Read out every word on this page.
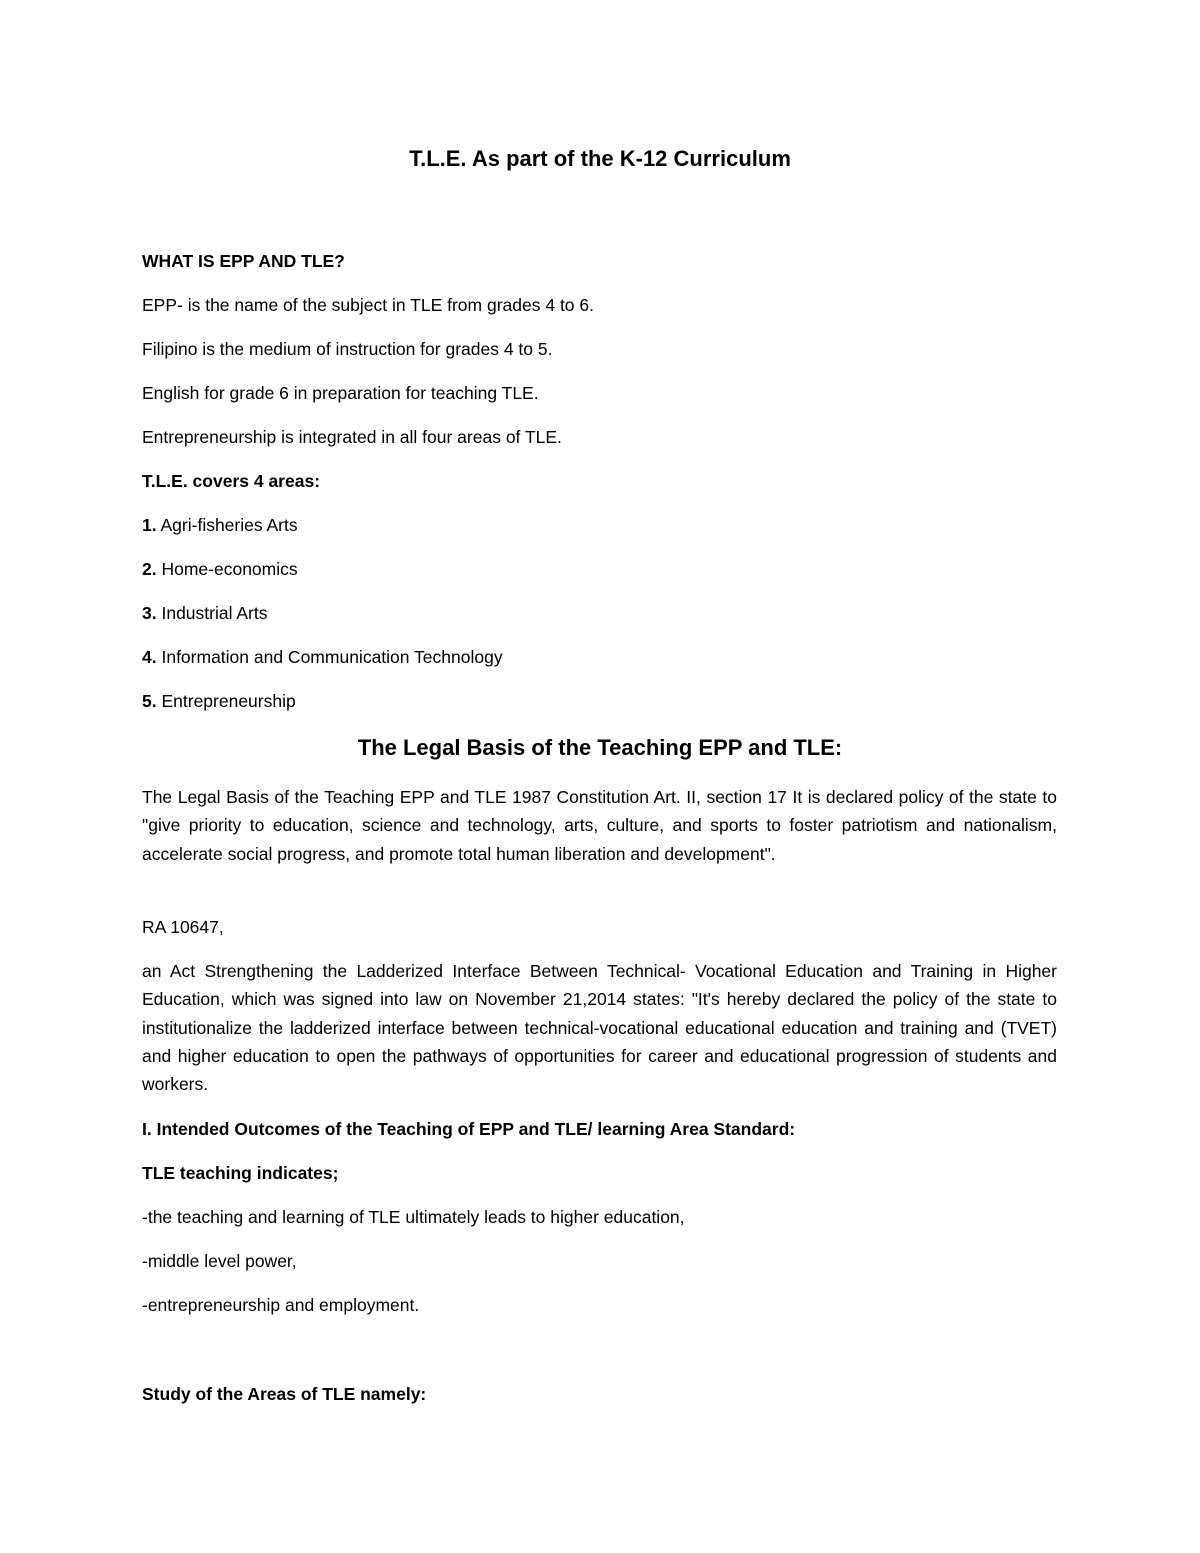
T.L.E. As part of the K-12 Curriculum

WHAT IS EPP AND TLE?

EPP- is the name of the subject in TLE from grades 4 to 6.

Filipino is the medium of instruction for grades 4 to 5.

English for grade 6 in preparation for teaching TLE.

Entrepreneurship is integrated in all four areas of TLE.

T.L.E. covers 4 areas:

1. Agri-fisheries Arts

2. Home-economics

3. Industrial Arts

4. Information and Communication Technology

5. Entrepreneurship

The Legal Basis of the Teaching EPP and TLE:

The Legal Basis of the Teaching EPP and TLE 1987 Constitution Art. II, section 17 It is declared policy of the state to "give priority to education, science and technology, arts, culture, and sports to foster patriotism and nationalism, accelerate social progress, and promote total human liberation and development".

RA 10647,

an Act Strengthening the Ladderized Interface Between Technical- Vocational Education and Training in Higher Education, which was signed into law on November 21,2014 states: "It's hereby declared the policy of the state to institutionalize the ladderized interface between technical-vocational educational education and training and (TVET) and higher education to open the pathways of opportunities for career and educational progression of students and workers.

I. Intended Outcomes of the Teaching of EPP and TLE/ learning Area Standard:

TLE teaching indicates;

-the teaching and learning of TLE ultimately leads to higher education,

-middle level power,

-entrepreneurship and employment.

Study of the Areas of TLE namely:
